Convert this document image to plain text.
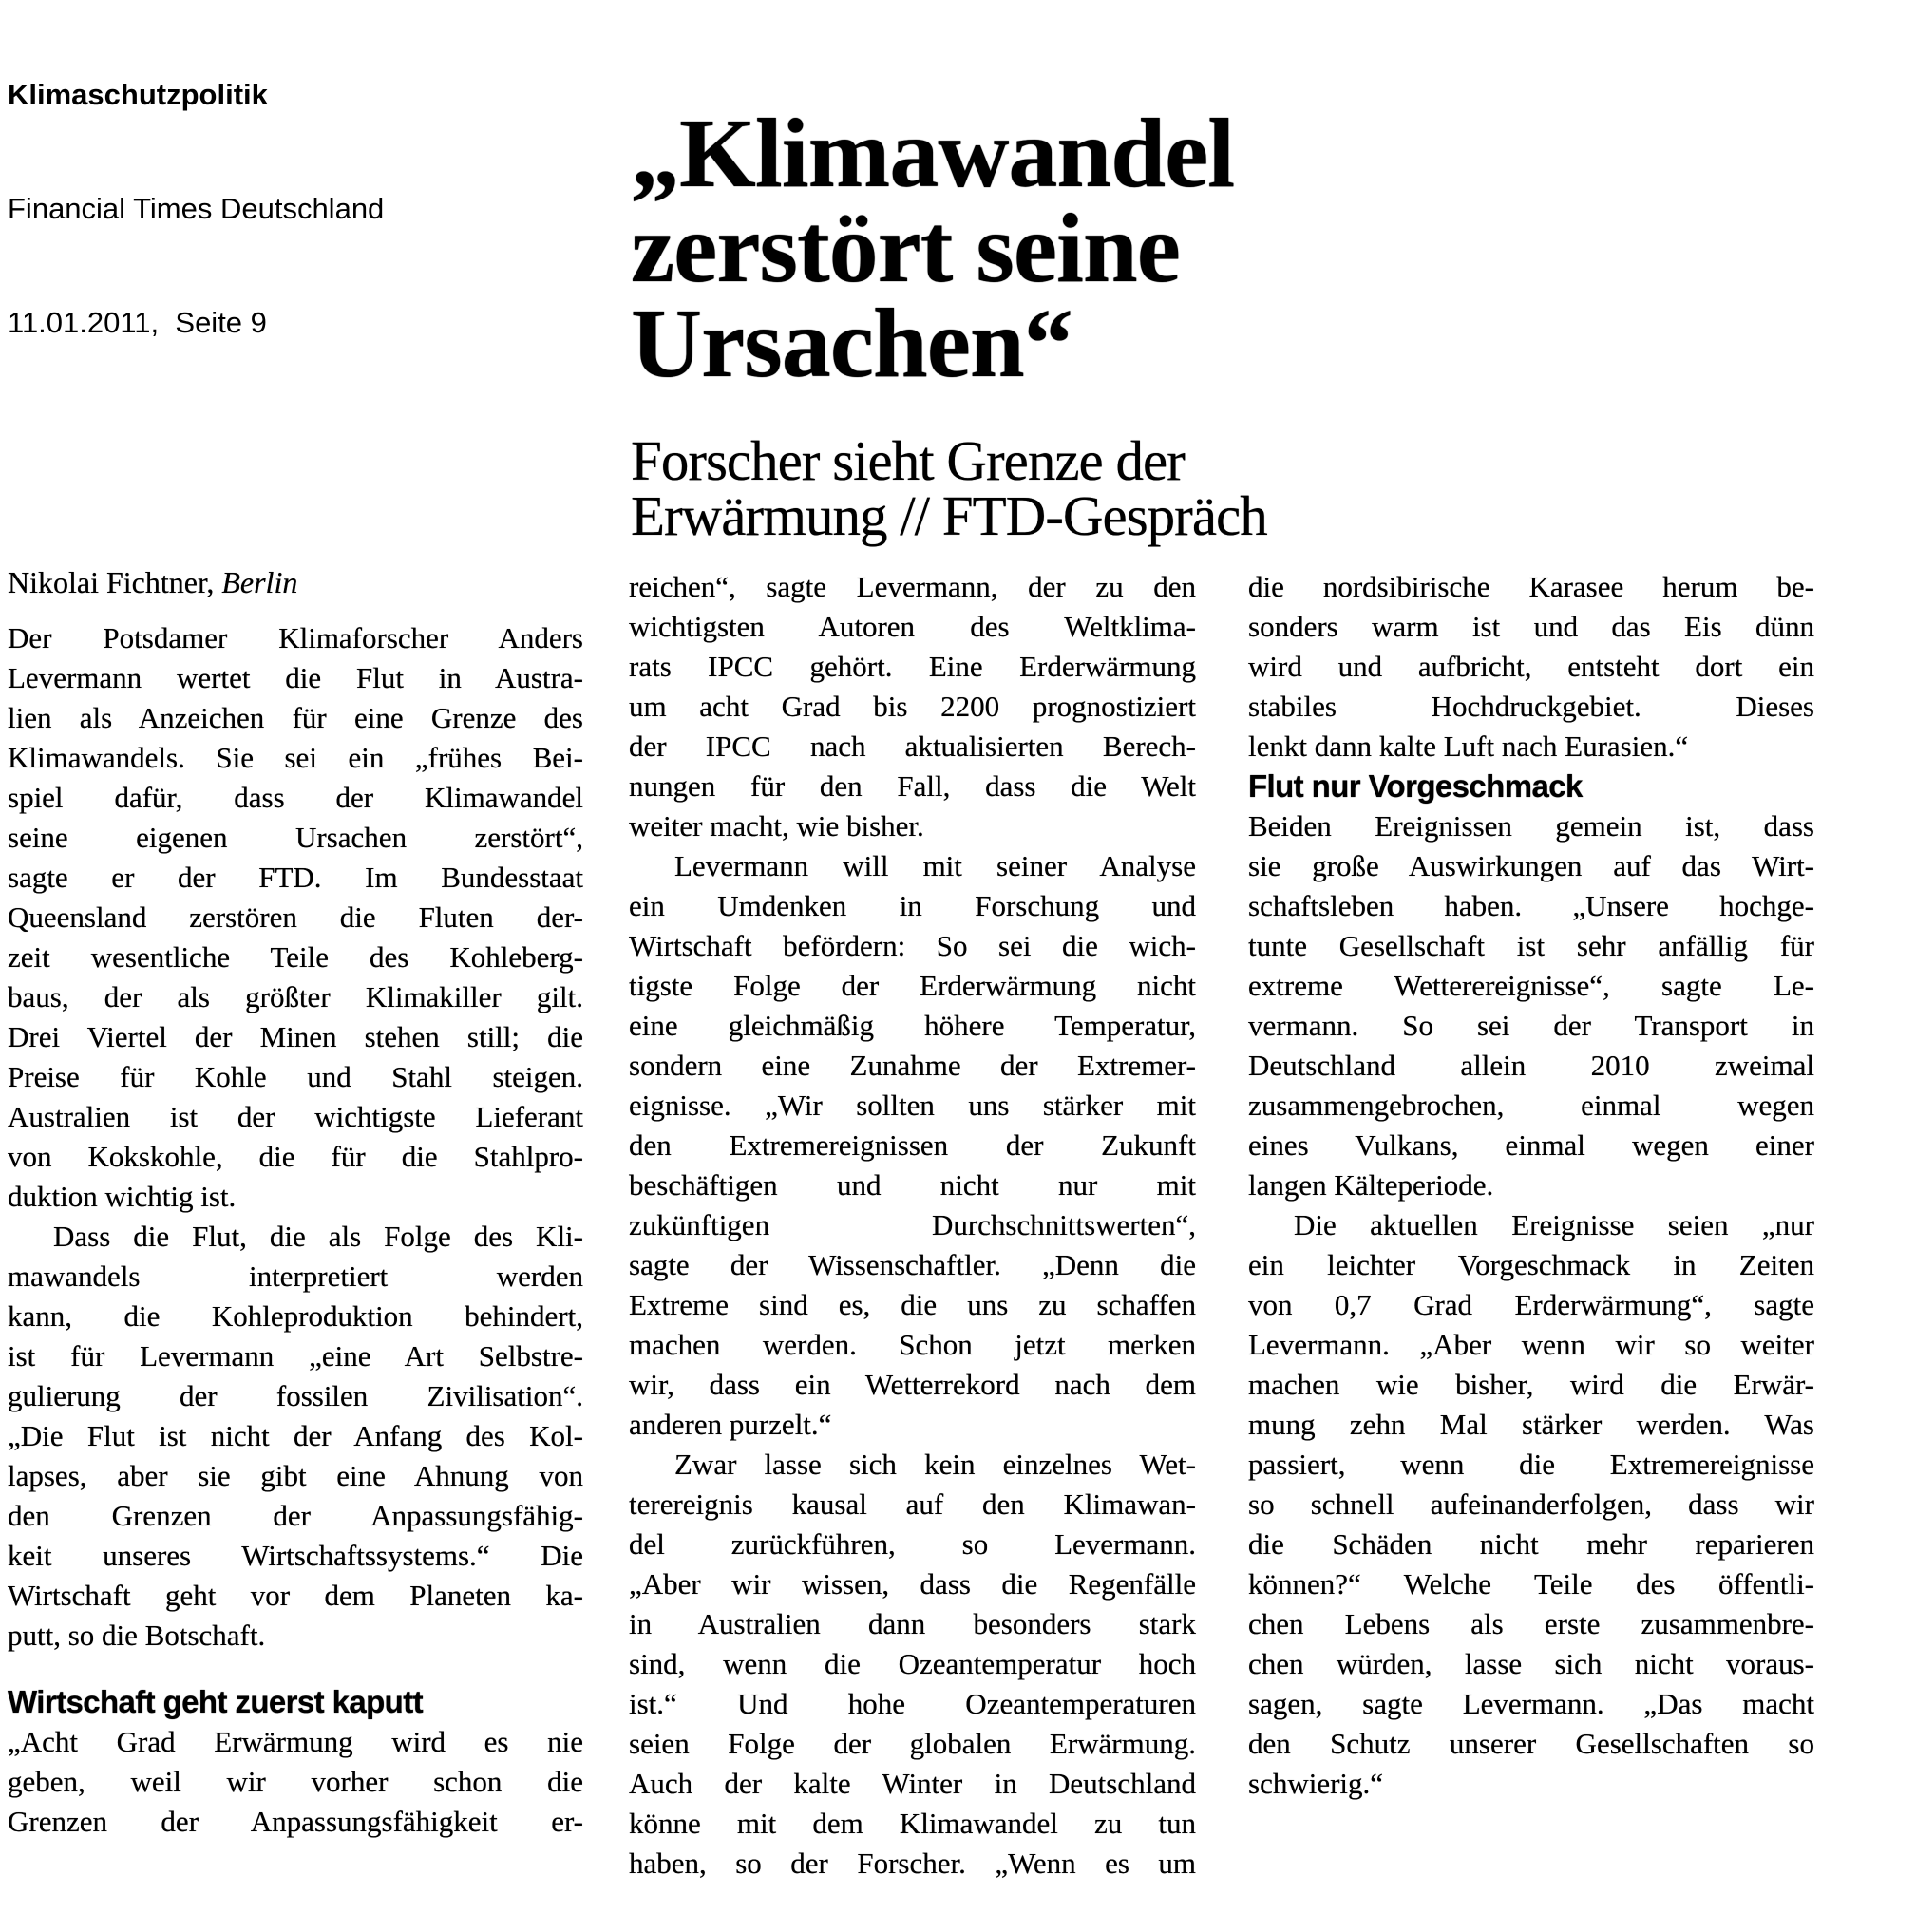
Klimaschutzpolitik

Financial Times Deutschland

11.01.2011,  Seite 9

„Klimawandel
zerstört seine
Ursachen“
Forscher sieht Grenze der
Erwärmung // FTD-Gespräch
Nikolai Fichtner, Berlin
Der Potsdamer Klimaforscher Anders
Levermann wertet die Flut in Austra-
lien als Anzeichen für eine Grenze des
Klimawandels. Sie sei ein „frühes Bei-
spiel dafür, dass der Klimawandel
seine eigenen Ursachen zerstört“,
sagte er der FTD. Im Bundesstaat
Queensland zerstören die Fluten der-
zeit wesentliche Teile des Kohleberg-
baus, der als größter Klimakiller gilt.
Drei Viertel der Minen stehen still; die
Preise für Kohle und Stahl steigen.
Australien ist der wichtigste Lieferant
von Kokskohle, die für die Stahlpro-
duktion wichtig ist.
Dass die Flut, die als Folge des Kli-
mawandels interpretiert werden
kann, die Kohleproduktion behindert,
ist für Levermann „eine Art Selbstre-
gulierung der fossilen Zivilisation“.
„Die Flut ist nicht der Anfang des Kol-
lapses, aber sie gibt eine Ahnung von
den Grenzen der Anpassungsfähig-
keit unseres Wirtschaftssystems.“ Die
Wirtschaft geht vor dem Planeten ka-
putt, so die Botschaft.
Wirtschaft geht zuerst kaputt
„Acht Grad Erwärmung wird es nie
geben, weil wir vorher schon die
Grenzen der Anpassungsfähigkeit er-
reichen“, sagte Levermann, der zu den
wichtigsten Autoren des Weltklima-
rats IPCC gehört. Eine Erderwärmung
um acht Grad bis 2200 prognostiziert
der IPCC nach aktualisierten Berech-
nungen für den Fall, dass die Welt
weiter macht, wie bisher.
Levermann will mit seiner Analyse
ein Umdenken in Forschung und
Wirtschaft befördern: So sei die wich-
tigste Folge der Erderwärmung nicht
eine gleichmäßig höhere Temperatur,
sondern eine Zunahme der Extremer-
eignisse. „Wir sollten uns stärker mit
den Extremereignissen der Zukunft
beschäftigen und nicht nur mit
zukünftigen Durchschnittswerten“,
sagte der Wissenschaftler. „Denn die
Extreme sind es, die uns zu schaffen
machen werden. Schon jetzt merken
wir, dass ein Wetterrekord nach dem
anderen purzelt.“
Zwar lasse sich kein einzelnes Wet-
terereignis kausal auf den Klimawan-
del zurückführen, so Levermann.
„Aber wir wissen, dass die Regenfälle
in Australien dann besonders stark
sind, wenn die Ozeantemperatur hoch
ist.“ Und hohe Ozeantemperaturen
seien Folge der globalen Erwärmung.
Auch der kalte Winter in Deutschland
könne mit dem Klimawandel zu tun
haben, so der Forscher. „Wenn es um
die nordsibirische Karasee herum be-
sonders warm ist und das Eis dünn
wird und aufbricht, entsteht dort ein
stabiles Hochdruckgebiet. Dieses
lenkt dann kalte Luft nach Eurasien.“
Flut nur Vorgeschmack
Beiden Ereignissen gemein ist, dass
sie große Auswirkungen auf das Wirt-
schaftsleben haben. „Unsere hochge-
tunte Gesellschaft ist sehr anfällig für
extreme Wetterereignisse“, sagte Le-
vermann. So sei der Transport in
Deutschland allein 2010 zweimal
zusammengebrochen, einmal wegen
eines Vulkans, einmal wegen einer
langen Kälteperiode.
Die aktuellen Ereignisse seien „nur
ein leichter Vorgeschmack in Zeiten
von 0,7 Grad Erderwärmung“, sagte
Levermann. „Aber wenn wir so weiter
machen wie bisher, wird die Erwär-
mung zehn Mal stärker werden. Was
passiert, wenn die Extremereignisse
so schnell aufeinanderfolgen, dass wir
die Schäden nicht mehr reparieren
können?“ Welche Teile des öffentli-
chen Lebens als erste zusammenbre-
chen würden, lasse sich nicht voraus-
sagen, sagte Levermann. „Das macht
den Schutz unserer Gesellschaften so
schwierig.“
